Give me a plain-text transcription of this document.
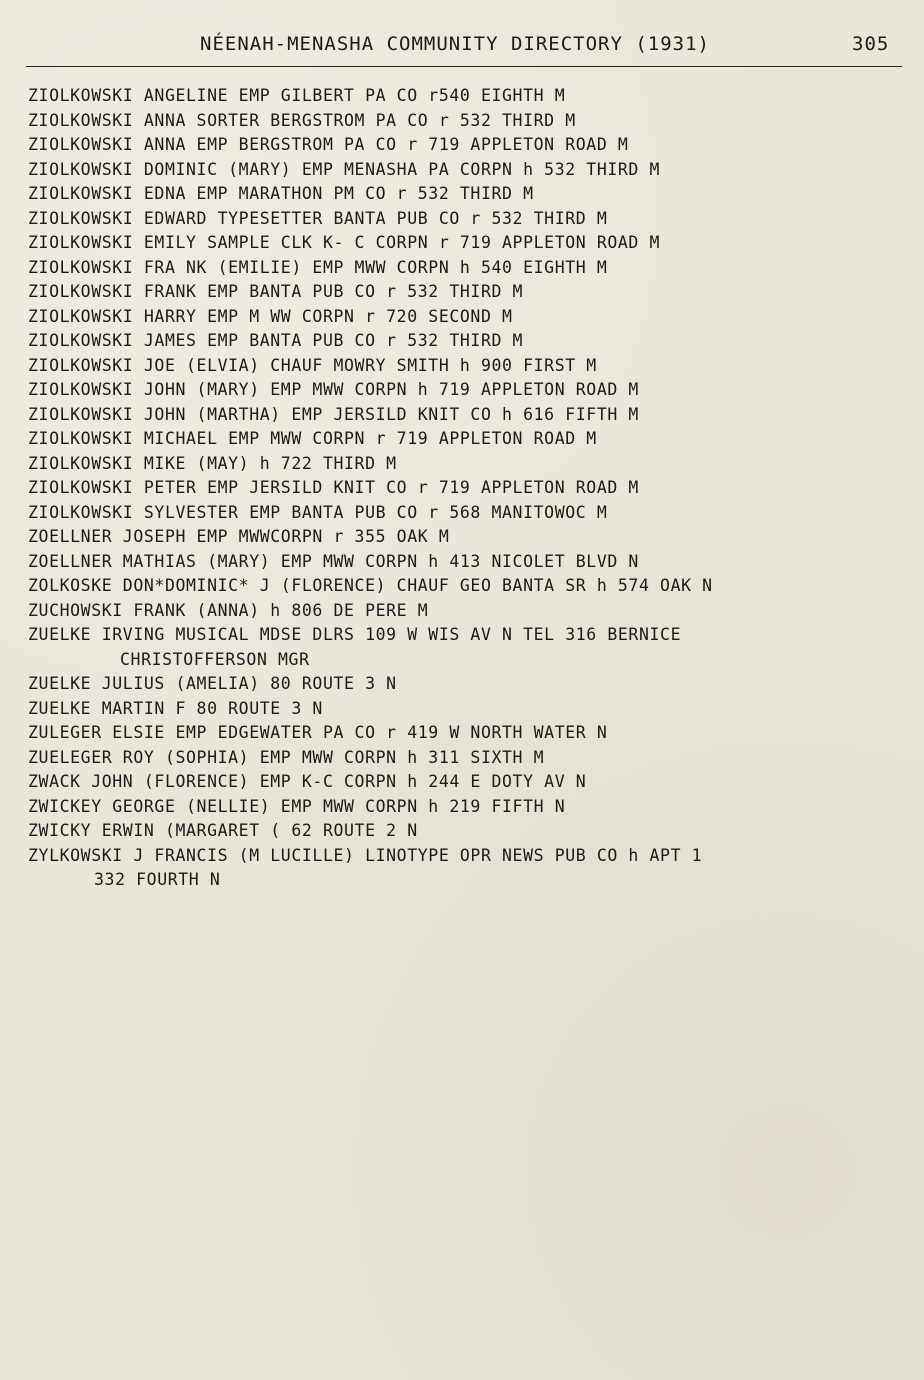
NÉENAH-MENASHA COMMUNITY DIRECTORY (1931)	305
ZIOLKOWSKI ANGELINE EMP GILBERT PA CO r540 EIGHTH M
ZIOLKOWSKI ANNA SORTER BERGSTROM PA CO r 532 THIRD M
ZIOLKOWSKI ANNA EMP BERGSTROM PA CO r 719 APPLETON ROAD M
ZIOLKOWSKI DOMINIC (MARY) EMP MENASHA PA CORPN h 532 THIRD M
ZIOLKOWSKI EDNA EMP MARATHON PM CO r 532 THIRD M
ZIOLKOWSKI EDWARD TYPESETTER BANTA PUB CO r 532 THIRD M
ZIOLKOWSKI EMILY SAMPLE CLK K- C CORPN r 719 APPLETON ROAD M
ZIOLKOWSKI FRA NK (EMILIE) EMP MWW CORPN h 540 EIGHTH M
ZIOLKOWSKI FRANK EMP BANTA PUB CO r 532 THIRD M
ZIOLKOWSKI HARRY EMP M WW CORPN r 720 SECOND M
ZIOLKOWSKI JAMES EMP BANTA PUB CO r 532 THIRD M
ZIOLKOWSKI JOE (ELVIA) CHAUF MOWRY SMITH h 900 FIRST M
ZIOLKOWSKI JOHN (MARY) EMP MWW CORPN h 719 APPLETON ROAD M
ZIOLKOWSKI JOHN (MARTHA) EMP JERSILD KNIT CO h 616 FIFTH M
ZIOLKOWSKI MICHAEL EMP MWW CORPN r 719 APPLETON ROAD M
ZIOLKOWSKI MIKE (MAY) h 722 THIRD M
ZIOLKOWSKI PETER EMP JERSILD KNIT CO r 719 APPLETON ROAD M
ZIOLKOWSKI SYLVESTER EMP BANTA PUB CO r 568 MANITOWOC M
ZOELLNER JOSEPH EMP MWWCORPN r 355 OAK M
ZOELLNER MATHIAS (MARY) EMP MWW CORPN h 413 NICOLET BLVD N
ZOLKOSKE DON*DOMINIC* J (FLORENCE) CHAUF GEO BANTA SR h 574 OAK N
ZUCHOWSKI FRANK (ANNA) h 806 DE PERE M
ZUELKE IRVING MUSICAL MDSE DLRS 109 W WIS AV N TEL 316 BERNICE
CHRISTOFFERSON MGR
ZUELKE JULIUS (AMELIA) 80 ROUTE 3 N
ZUELKE MARTIN F 80 ROUTE 3 N
ZULEGER ELSIE EMP EDGEWATER PA CO r 419 W NORTH WATER N
ZUELEGER ROY (SOPHIA) EMP MWW CORPN h 311 SIXTH M
ZWACK JOHN (FLORENCE) EMP K-C CORPN h 244 E DOTY AV N
ZWICKEY GEORGE (NELLIE) EMP MWW CORPN h 219 FIFTH N
ZWICKY ERWIN (MARGARET ( 62 ROUTE 2 N
ZYLKOWSKI J FRANCIS (M LUCILLE) LINOTYPE OPR NEWS PUB CO h APT 1
332 FOURTH N
